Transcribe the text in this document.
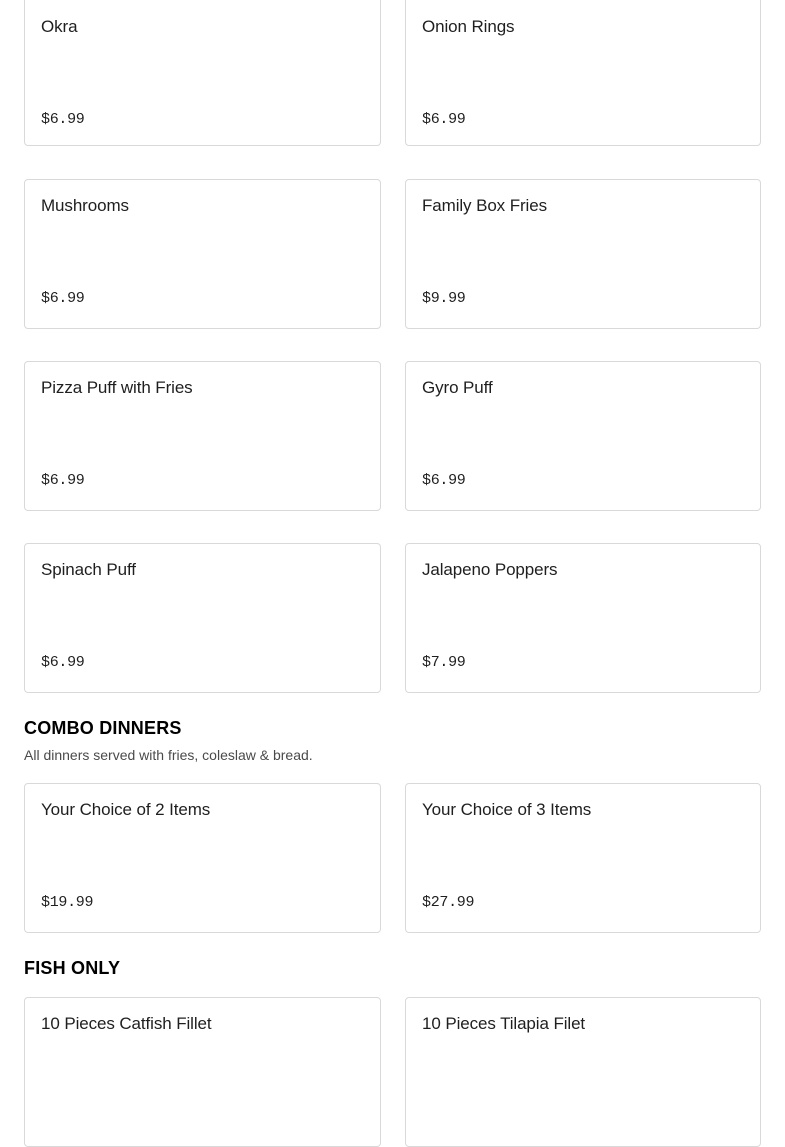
Okra
$6.99
Onion Rings
$6.99
Mushrooms
$6.99
Family Box Fries
$9.99
Pizza Puff with Fries
$6.99
Gyro Puff
$6.99
Spinach Puff
$6.99
Jalapeno Poppers
$7.99
COMBO DINNERS
All dinners served with fries, coleslaw & bread.
Your Choice of 2 Items
$19.99
Your Choice of 3 Items
$27.99
FISH ONLY
10 Pieces Catfish Fillet	10 Pieces Tilapia Filet
